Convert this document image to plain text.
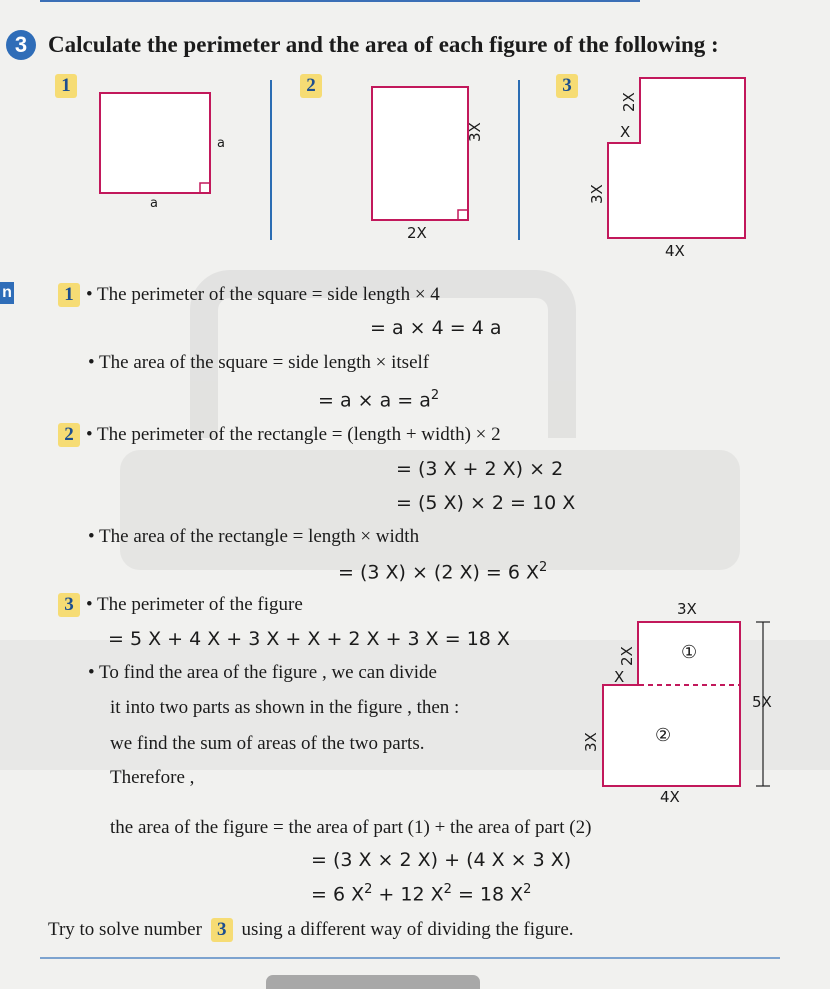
3 Calculate the perimeter and the area of each figure of the following :
1	2	3
a
a
3X
2X
2X
X
3X
4X
n	1 • The perimeter of the square = side length × 4
= a × 4 = 4 a
• The area of the square = side length × itself
= $a \times a = a^2$
2 • The perimeter of the rectangle = (length + width) × 2
= (3 X + 2 X) × 2
= (5 X) × 2 = 10 X
• The area of the rectangle = length × width
= (3 X) × (2 X) = 6 $X^2$
3 • The perimeter of the figure
= 5 X + 4 X + 3 X + X + 2 X + 3 X = 18 X
• To find the area of the figure , we can divide
it into two parts as shown in the figure , then :
we find the sum of areas of the two parts.
Therefore ,
3X
2X
X
①
②
3X
5X
4X
the area of the figure = the area of part (1) + the area of part (2)
= (3 X × 2 X) + (4 X × 3 X)
= 6 $X^2 + 12$ $X^2 = 18$ $X^2$
Try to solve number 3 using a different way of dividing the figure.
